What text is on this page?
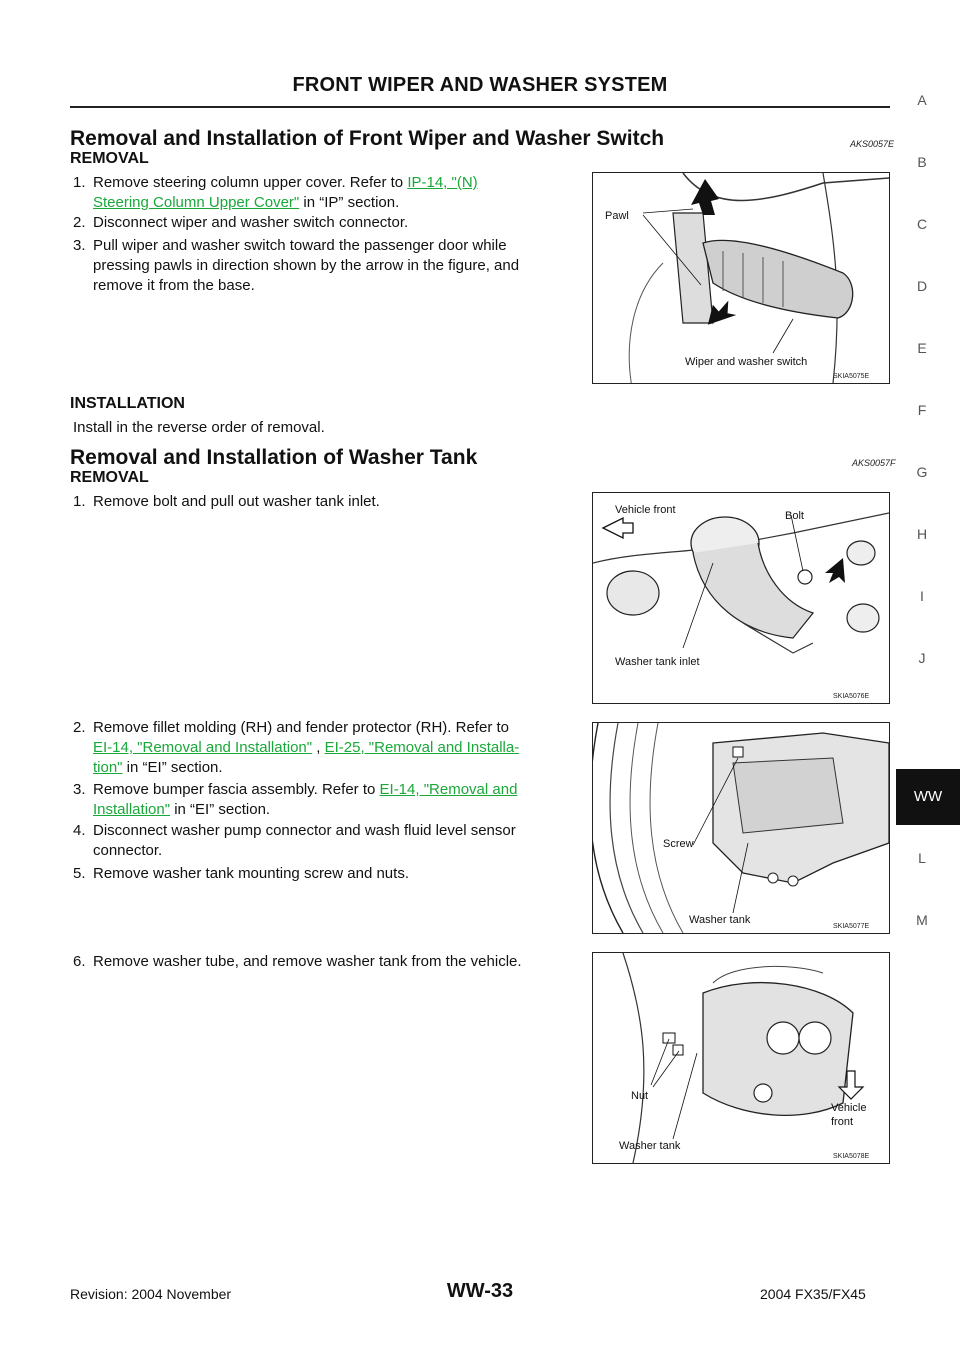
FRONT WIPER AND WASHER SYSTEM
Removal and Installation of Front Wiper and Washer Switch	AKS0057E
REMOVAL
1. Remove steering column upper cover. Refer to IP-14, "(N)
Steering Column Upper Cover" in “IP” section.
2. Disconnect wiper and washer switch connector.
3. Pull wiper and washer switch toward the passenger door while
pressing pawls in direction shown by the arrow in the figure, and
remove it from the base.
INSTALLATION
Install in the reverse order of removal.
Pawl
Wiper and washer switch
SKIA5075E
Removal and Installation of Washer Tank	AKS0057F
REMOVAL
1. Remove bolt and pull out washer tank inlet.	Vehicle front	Bolt
Washer tank inlet
SKIA5076E
2. Remove fillet molding (RH) and fender protector (RH). Refer to
EI-14, "Removal and Installation" , EI-25, "Removal and Installa-
tion" in “EI” section.
3. Remove bumper fascia assembly. Refer to EI-14, "Removal and
Installation" in “EI” section.
4. Disconnect washer pump connector and wash fluid level sensor
connector.
5. Remove washer tank mounting screw and nuts.
Screw
Washer tank
SKIA5077E
6. Remove washer tube, and remove washer tank from the vehicle.
Nut
Vehicle
front
Washer tank
SKIA5078E
A
B
C
D
E
F
G
H
I
J
WW
L
M
Revision: 2004 November	WW-33	2004 FX35/FX45
